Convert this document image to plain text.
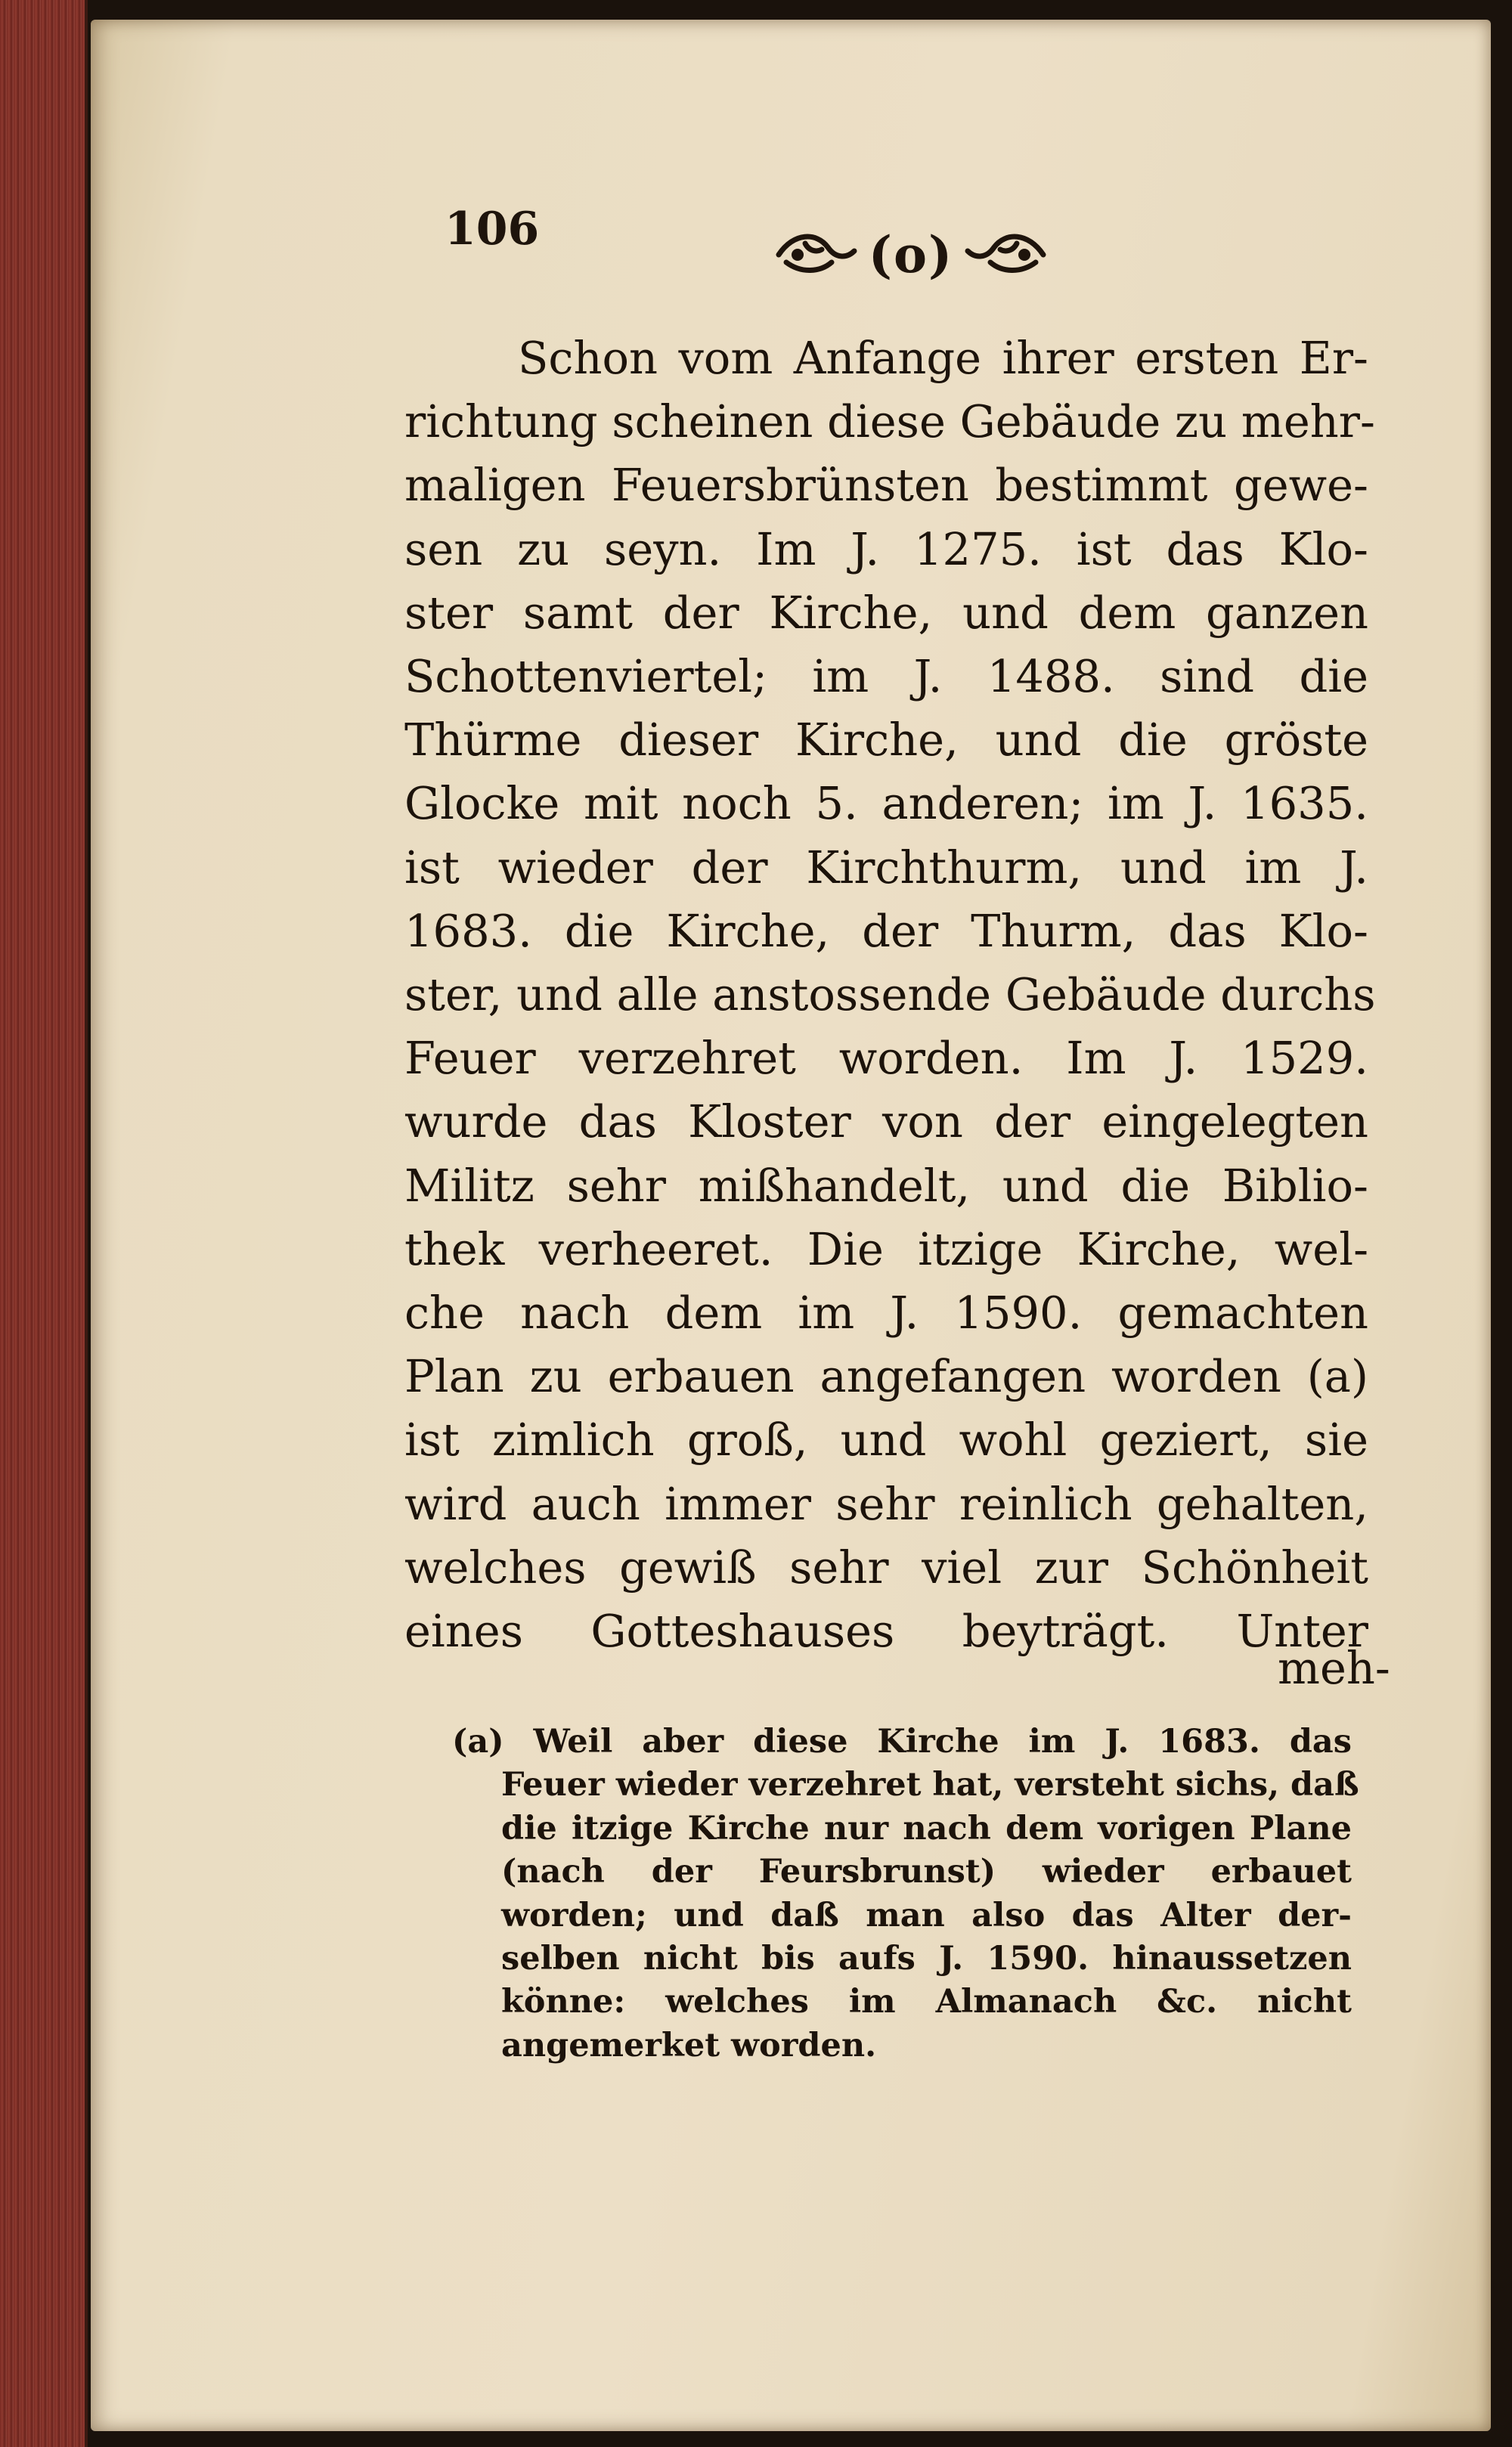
106	(o)
Schon vom Anfange ihrer ersten Er-
richtung scheinen diese Gebäude zu mehr-
maligen Feuersbrünsten bestimmt gewe-
sen zu seyn. Im J. 1275. ist das Klo-
ster samt der Kirche, und dem ganzen
Schottenviertel; im J. 1488. sind die
Thürme dieser Kirche, und die gröste
Glocke mit noch 5. anderen; im J. 1635.
ist wieder der Kirchthurm, und im J.
1683. die Kirche, der Thurm, das Klo-
ster, und alle anstossende Gebäude durchs
Feuer verzehret worden. Im J. 1529.
wurde das Kloster von der eingelegten
Militz sehr mißhandelt, und die Biblio-
thek verheeret. Die itzige Kirche, wel-
che nach dem im J. 1590. gemachten
Plan zu erbauen angefangen worden (a)
ist zimlich groß, und wohl geziert, sie
wird auch immer sehr reinlich gehalten,
welches gewiß sehr viel zur Schönheit
eines Gotteshauses beyträgt. Unter

meh-

(a) Weil aber diese Kirche im J. 1683. das
Feuer wieder verzehret hat, versteht sichs, daß
die itzige Kirche nur nach dem vorigen Plane
(nach der Feursbrunst) wieder erbauet
worden; und daß man also das Alter der-
selben nicht bis aufs J. 1590. hinaussetzen
könne: welches im Almanach &c. nicht
angemerket worden.
